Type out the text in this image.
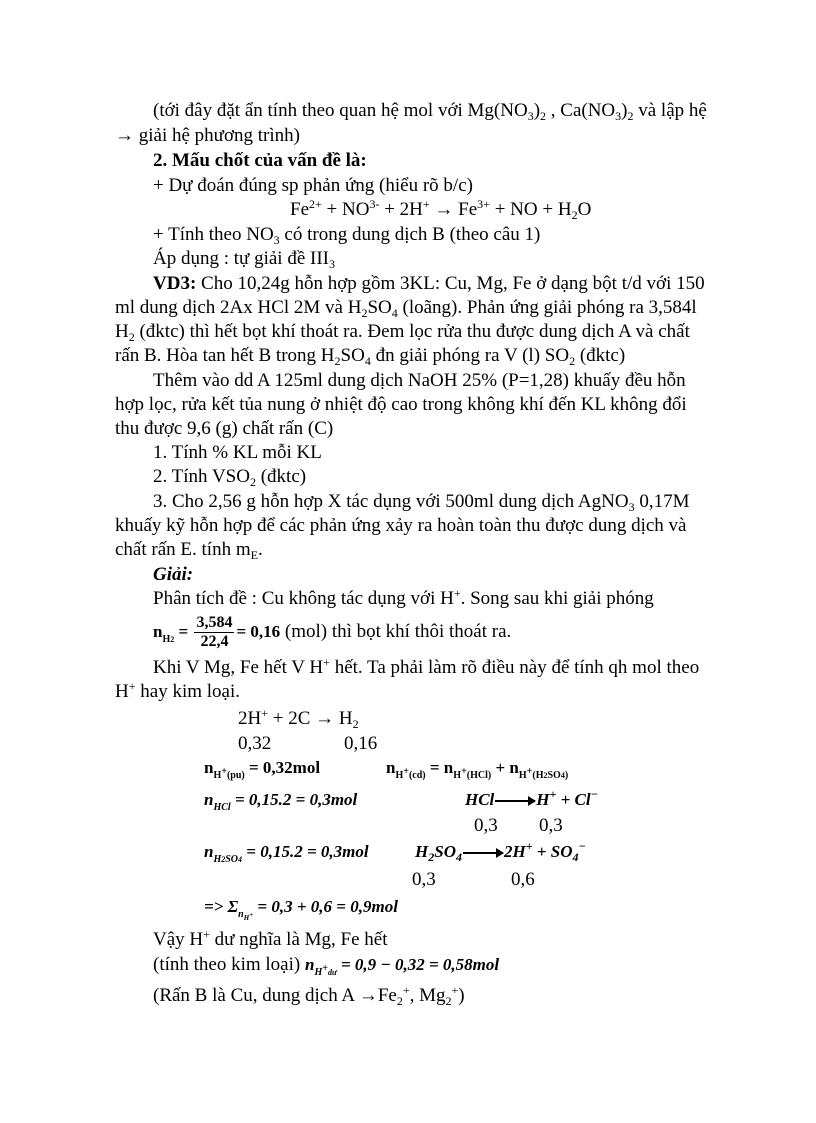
(tới đây đặt ẩn tính theo quan hệ mol với $Mg(NO_3)_2$ , $Ca(NO_3)_2$ và lập hệ
→ giải hệ phương trình)
2. Mấu chốt của vấn đề là:
+ Dự đoán đúng sp phản ứng (hiểu rõ b/c)
$Fe^{2+} + NO^{3-} + 2H^+ \to Fe^{3+}$ + NO + $H_2O$
+ Tính theo $NO_3$ có trong dung dịch B (theo câu 1)
Áp dụng : tự giải đề $III_3$
VD3: Cho 10,24g hỗn hợp gồm 3KL: Cu, Mg, Fe ở dạng bột t/d với 150
ml dung dịch 2Ax HCl 2M và $H_2SO_4$ (loãng). Phản ứng giải phóng ra 3,584l
$H_2$ (đktc) thì hết bọt khí thoát ra. Đem lọc rửa thu được dung dịch A và chất
rấn B. Hòa tan hết B trong $H_2SO_4$ đn giải phóng ra V (l) $SO_2$ (đktc)
Thêm vào dd A 125ml dung dịch NaOH 25% (P=1,28) khuấy đều hỗn
hợp lọc, rửa kết tủa nung ở nhiệt độ cao trong không khí đến KL không đổi
thu được 9,6 (g) chất rấn (C)
1. Tính % KL mỗi KL
2. Tính $VSO_2$ (đktc)
3. Cho 2,56 g hỗn hợp X tác dụng với 500ml dung dịch AgNO$_3$ 0,17M
khuấy kỹ hỗn hợp để các phản ứng xảy ra hoàn toàn thu được dung dịch và
chất rấn E. tính $m_E$.
Giải:
Phân tích đề : Cu không tác dụng với H+. Song sau khi giải phóng
$n_{H2} = \frac{3,584}{22,4} = 0,16$ (mol) thì bọt khí thôi thoát ra.
Khi V Mg, Fe hết V H+ hết. Ta phải làm rõ điều này để tính qh mol theo
H+ hay kim loại.
$2H^+ + 2C \to H_2$
0,32	0,16
$n_H+_{(pu)} = 0,32mol$	$n_H+_{(cd)} = n_H+_{(HCl)} + n_H+_{(H2SO4)}$
$n_{HCl} = 0,15.2 = 0,3mol$	HCl H+ + Cl−
0,3 0,3
$n_{H2SO4} = 0,15.2 = 0,3mol$	$H_2SO_4$ $2H^+ + SO_4^-$
0,3	0,6
=> $\Sigma_{nH+} = 0,3 + 0,6 = 0,9mol$
Vậy H+ dư nghĩa là Mg, Fe hết
(tính theo kim loại) $n_H+_{dư} = 0,9 - 0,32 = 0,58mol$
(Rấn B là Cu, dung dịch $A \to Fe_2^+$, $Mg_2^+$)
